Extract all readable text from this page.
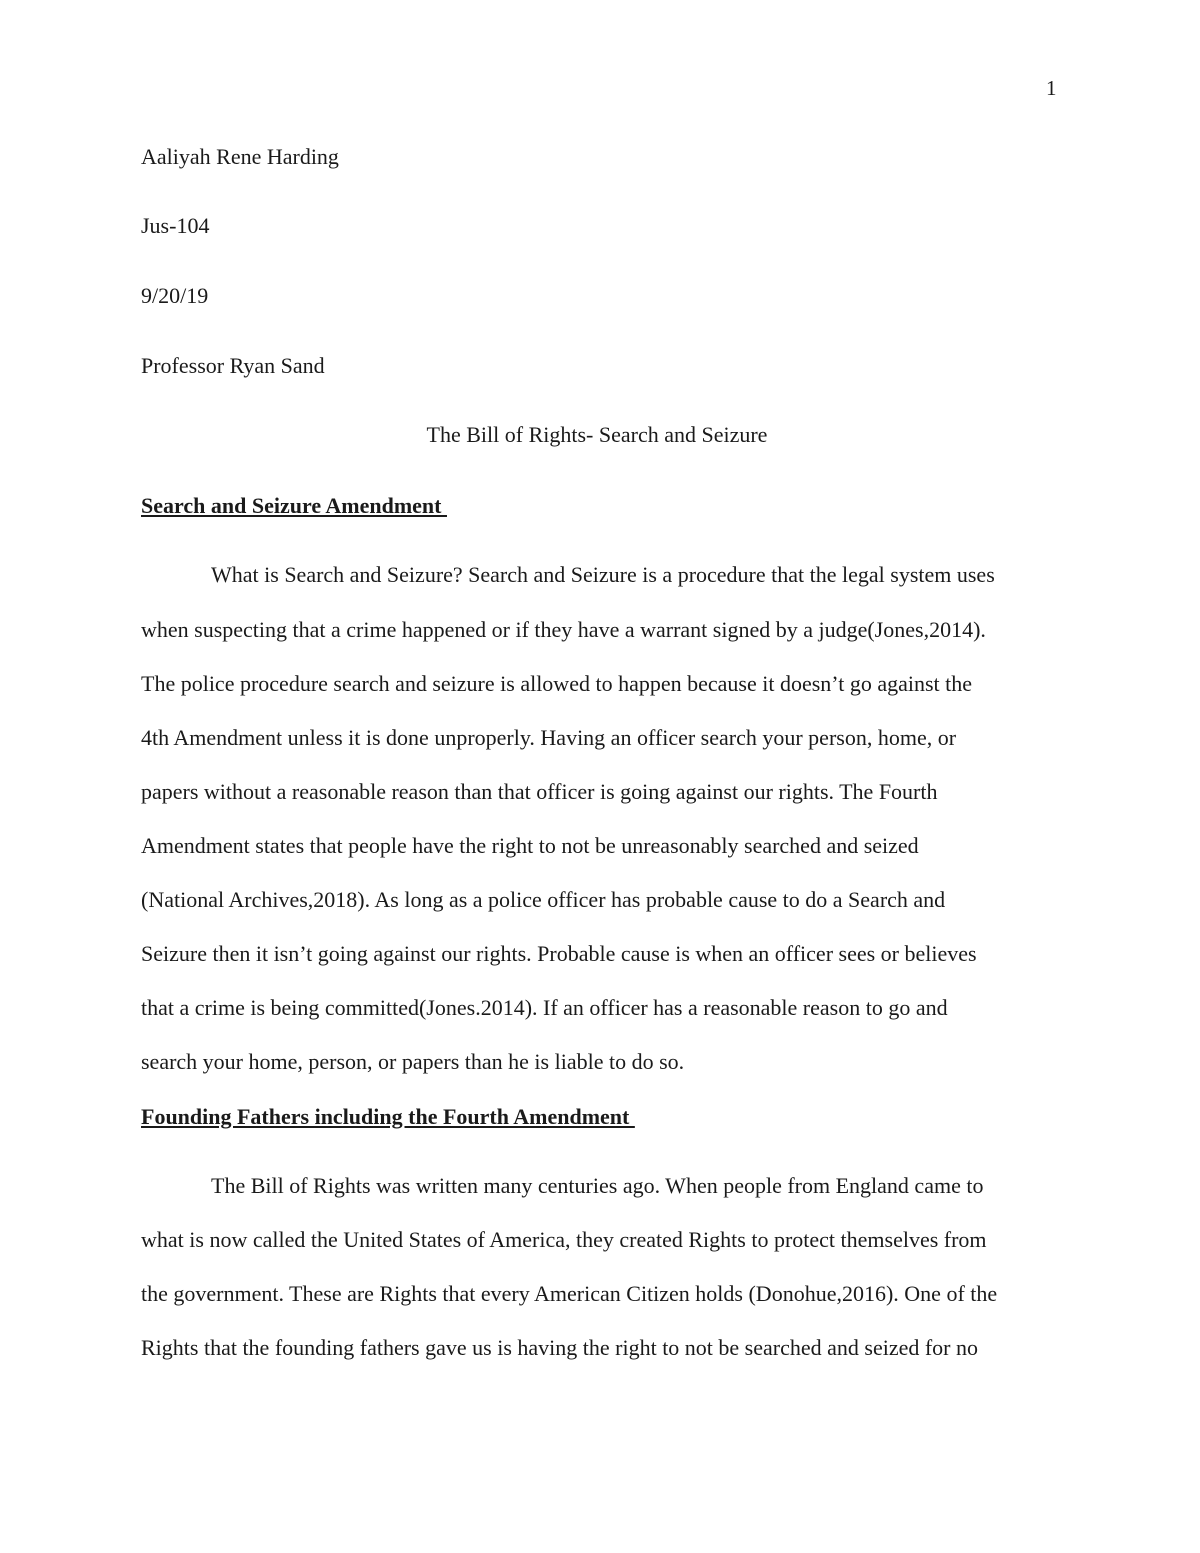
1
Aaliyah Rene Harding
Jus-104
9/20/19
Professor Ryan Sand
The Bill of Rights- Search and Seizure
Search and Seizure Amendment
What is Search and Seizure? Search and Seizure is a procedure that the legal system uses
when suspecting that a crime happened or if they have a warrant signed by a judge(Jones,2014).
The police procedure search and seizure is allowed to happen because it doesn’t go against the
4th Amendment unless it is done unproperly. Having an officer search your person, home, or
papers without a reasonable reason than that officer is going against our rights. The Fourth
Amendment states that people have the right to not be unreasonably searched and seized
(National Archives,2018). As long as a police officer has probable cause to do a Search and
Seizure then it isn’t going against our rights. Probable cause is when an officer sees or believes
that a crime is being committed(Jones.2014). If an officer has a reasonable reason to go and
search your home, person, or papers than he is liable to do so.
Founding Fathers including the Fourth Amendment
The Bill of Rights was written many centuries ago. When people from England came to
what is now called the United States of America, they created Rights to protect themselves from
the government. These are Rights that every American Citizen holds (Donohue,2016). One of the
Rights that the founding fathers gave us is having the right to not be searched and seized for no
